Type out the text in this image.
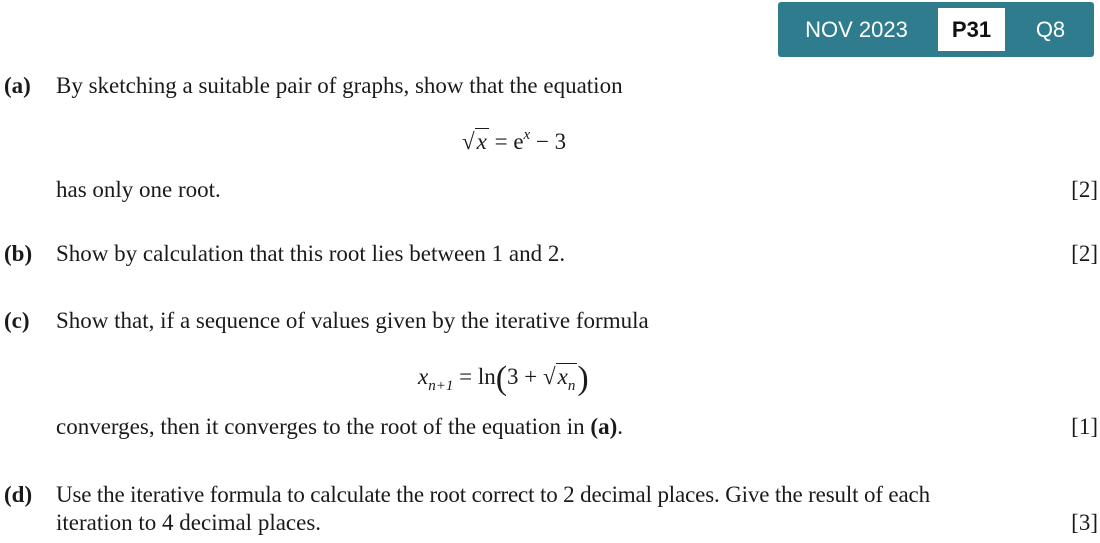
NOV 2023	P31	Q8
(a) By sketching a suitable pair of graphs, show that the equation
$√x = e^x - 3$
has only one root.	[2]
(b) Show by calculation that this root lies between 1 and 2.	[2]
(c) Show that, if a sequence of values given by the iterative formula
$x_{n+1}$
= $\ln(3 + √x_n)$
converges, then it converges to the root of the equation in (a).	[1]
(d) Use the iterative formula to calculate the root correct to 2 decimal places. Give the result of each
iteration to 4 decimal places.	[3]
